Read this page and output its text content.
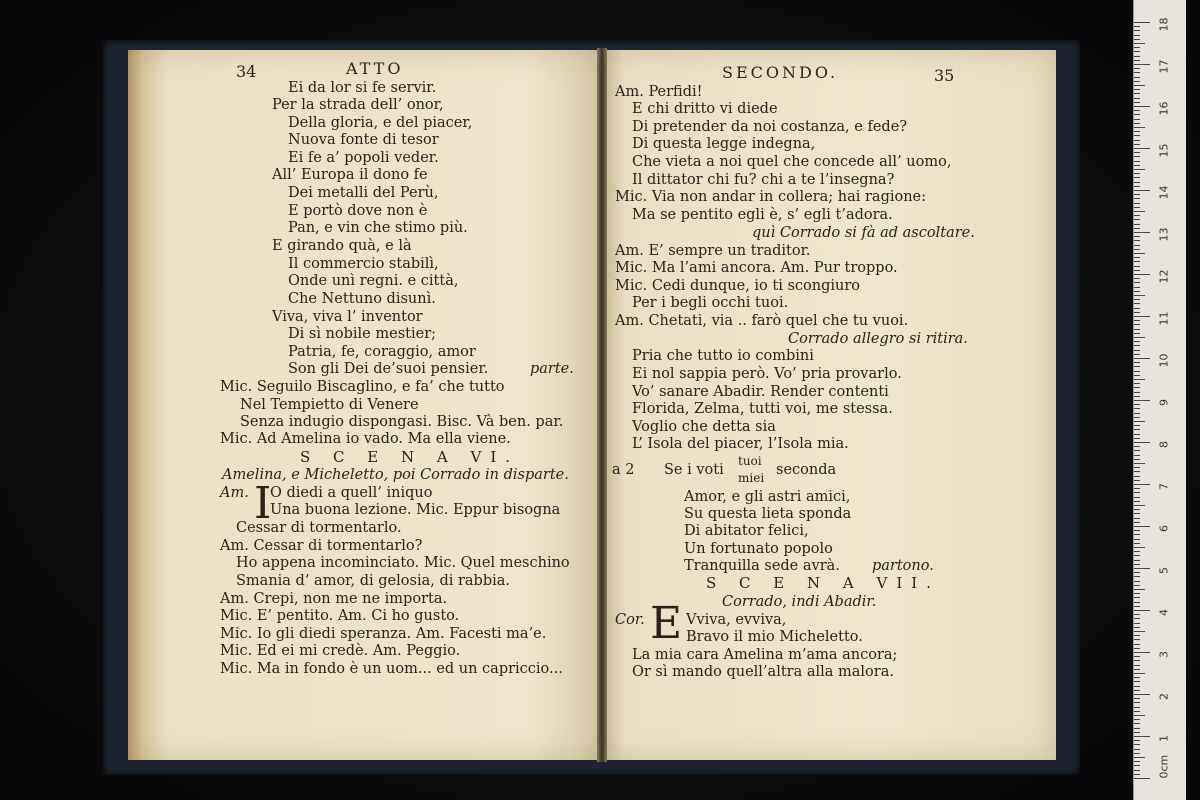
34	ATTO
Ei da lor si fe servir.
Per la strada dell’ onor,
Della gloria, e del piacer,
Nuova fonte di tesor
Ei fe a’ popoli veder.
All’ Europa il dono fe
Dei metalli del Perù,
E portò dove non è
Pan, e vin che stimo più.
E girando quà, e là
Il commercio stabilì,
Onde unì regni. e città,
Che Nettuno disunì.
Viva, viva l’ inventor
Di sì nobile mestier;
Patria, fe, coraggio, amor
Son gli Dei de’suoi pensier.	parte.
Mic. Seguilo Biscaglino, e fa’ che tutto
Nel Tempietto di Venere
Senza indugio dispongasi. Bisc. Và ben. par.
Mic. Ad Amelina io vado. Ma ella viene.
S C E N A VI.
Amelina, e Micheletto, poi Corrado in disparte.
Am. I
O diedi a quell’ iniquo
Una buona lezione. Mic. Eppur bisogna
Cessar di tormentarlo.
Am. Cessar di tormentarlo?
Ho appena incominciato. Mic. Quel meschino
Smania d’ amor, di gelosia, di rabbia.
Am. Crepi, non me ne importa.
Mic. E’ pentito. Am. Ci ho gusto.
Mic. Io gli diedi speranza. Am. Facesti ma’e.
Mic. Ed ei mi credè. Am. Peggio.
Mic. Ma in fondo è un uom... ed un capriccio...
SECONDO.	35
Am. Perfidi!
E chi dritto vi diede
Di pretender da noi costanza, e fede?
Di questa legge indegna,
Che vieta a noi quel che concede all’ uomo,
Il dittator chi fu? chi a te l’insegna?
Mic. Via non andar in collera; hai ragione:
Ma se pentito egli è, s’ egli t’adora.
quì Corrado si fà ad ascoltare.
Am. E’ sempre un traditor.
Mic. Ma l’ami ancora. Am. Pur troppo.
Mic. Cedi dunque, io ti scongiuro
Per i begli occhi tuoi.
Am. Chetati, via .. farò quel che tu vuoi.
Corrado allegro si ritira.
Pria che tutto io combini
Ei nol sappia però. Vo’ pria provarlo.
Vo’ sanare Abadir. Render contenti
Florida, Zelma, tutti voi, me stessa.
Voglio che detta sia
L’ Isola del piacer, l’Isola mia.
a 2 Se i voti
tuoi
miei seconda
Amor, e gli astri amici,
Su questa lieta sponda
Di abitator felici,
Un fortunato popolo
Tranquilla sede avrà. partono.
S C E N A VII.
Corrado, indi Abadir.
Cor. E Vviva, evviva,
Bravo il mio Micheletto.
La mia cara Amelina m’ama ancora;
Or sì mando quell’altra alla malora.
0cm
1
2
3
4
5
6
7
8
9
10
11
12
13
14
15
16
17
18
